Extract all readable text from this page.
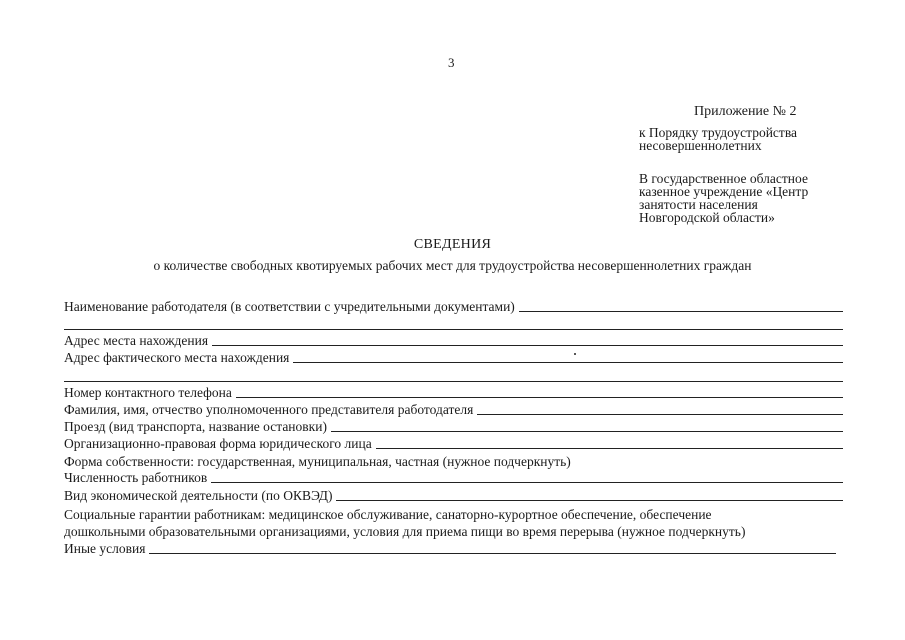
3
Приложение № 2
к Порядку трудоустройства
несовершеннолетних
В государственное областное
казенное учреждение «Центр
занятости населения
Новгородской области»
СВЕДЕНИЯ
о количестве свободных квотируемых рабочих мест для трудоустройства несовершеннолетних граждан
Наименование работодателя (в соответствии с учредительными документами)
Адрес места нахождения
Адрес фактического места нахождения
Номер контактного телефона
Фамилия, имя, отчество уполномоченного представителя работодателя
Проезд (вид транспорта, название остановки)
Организационно-правовая форма юридического лица
Форма собственности: государственная, муниципальная, частная (нужное подчеркнуть)
Численность работников
Вид экономической деятельности (по ОКВЭД)
Социальные гарантии работникам: медицинское обслуживание, санаторно-курортное обеспечение, обеспечение
дошкольными образовательными организациями, условия для приема пищи во время перерыва (нужное подчеркнуть)
Иные условия
